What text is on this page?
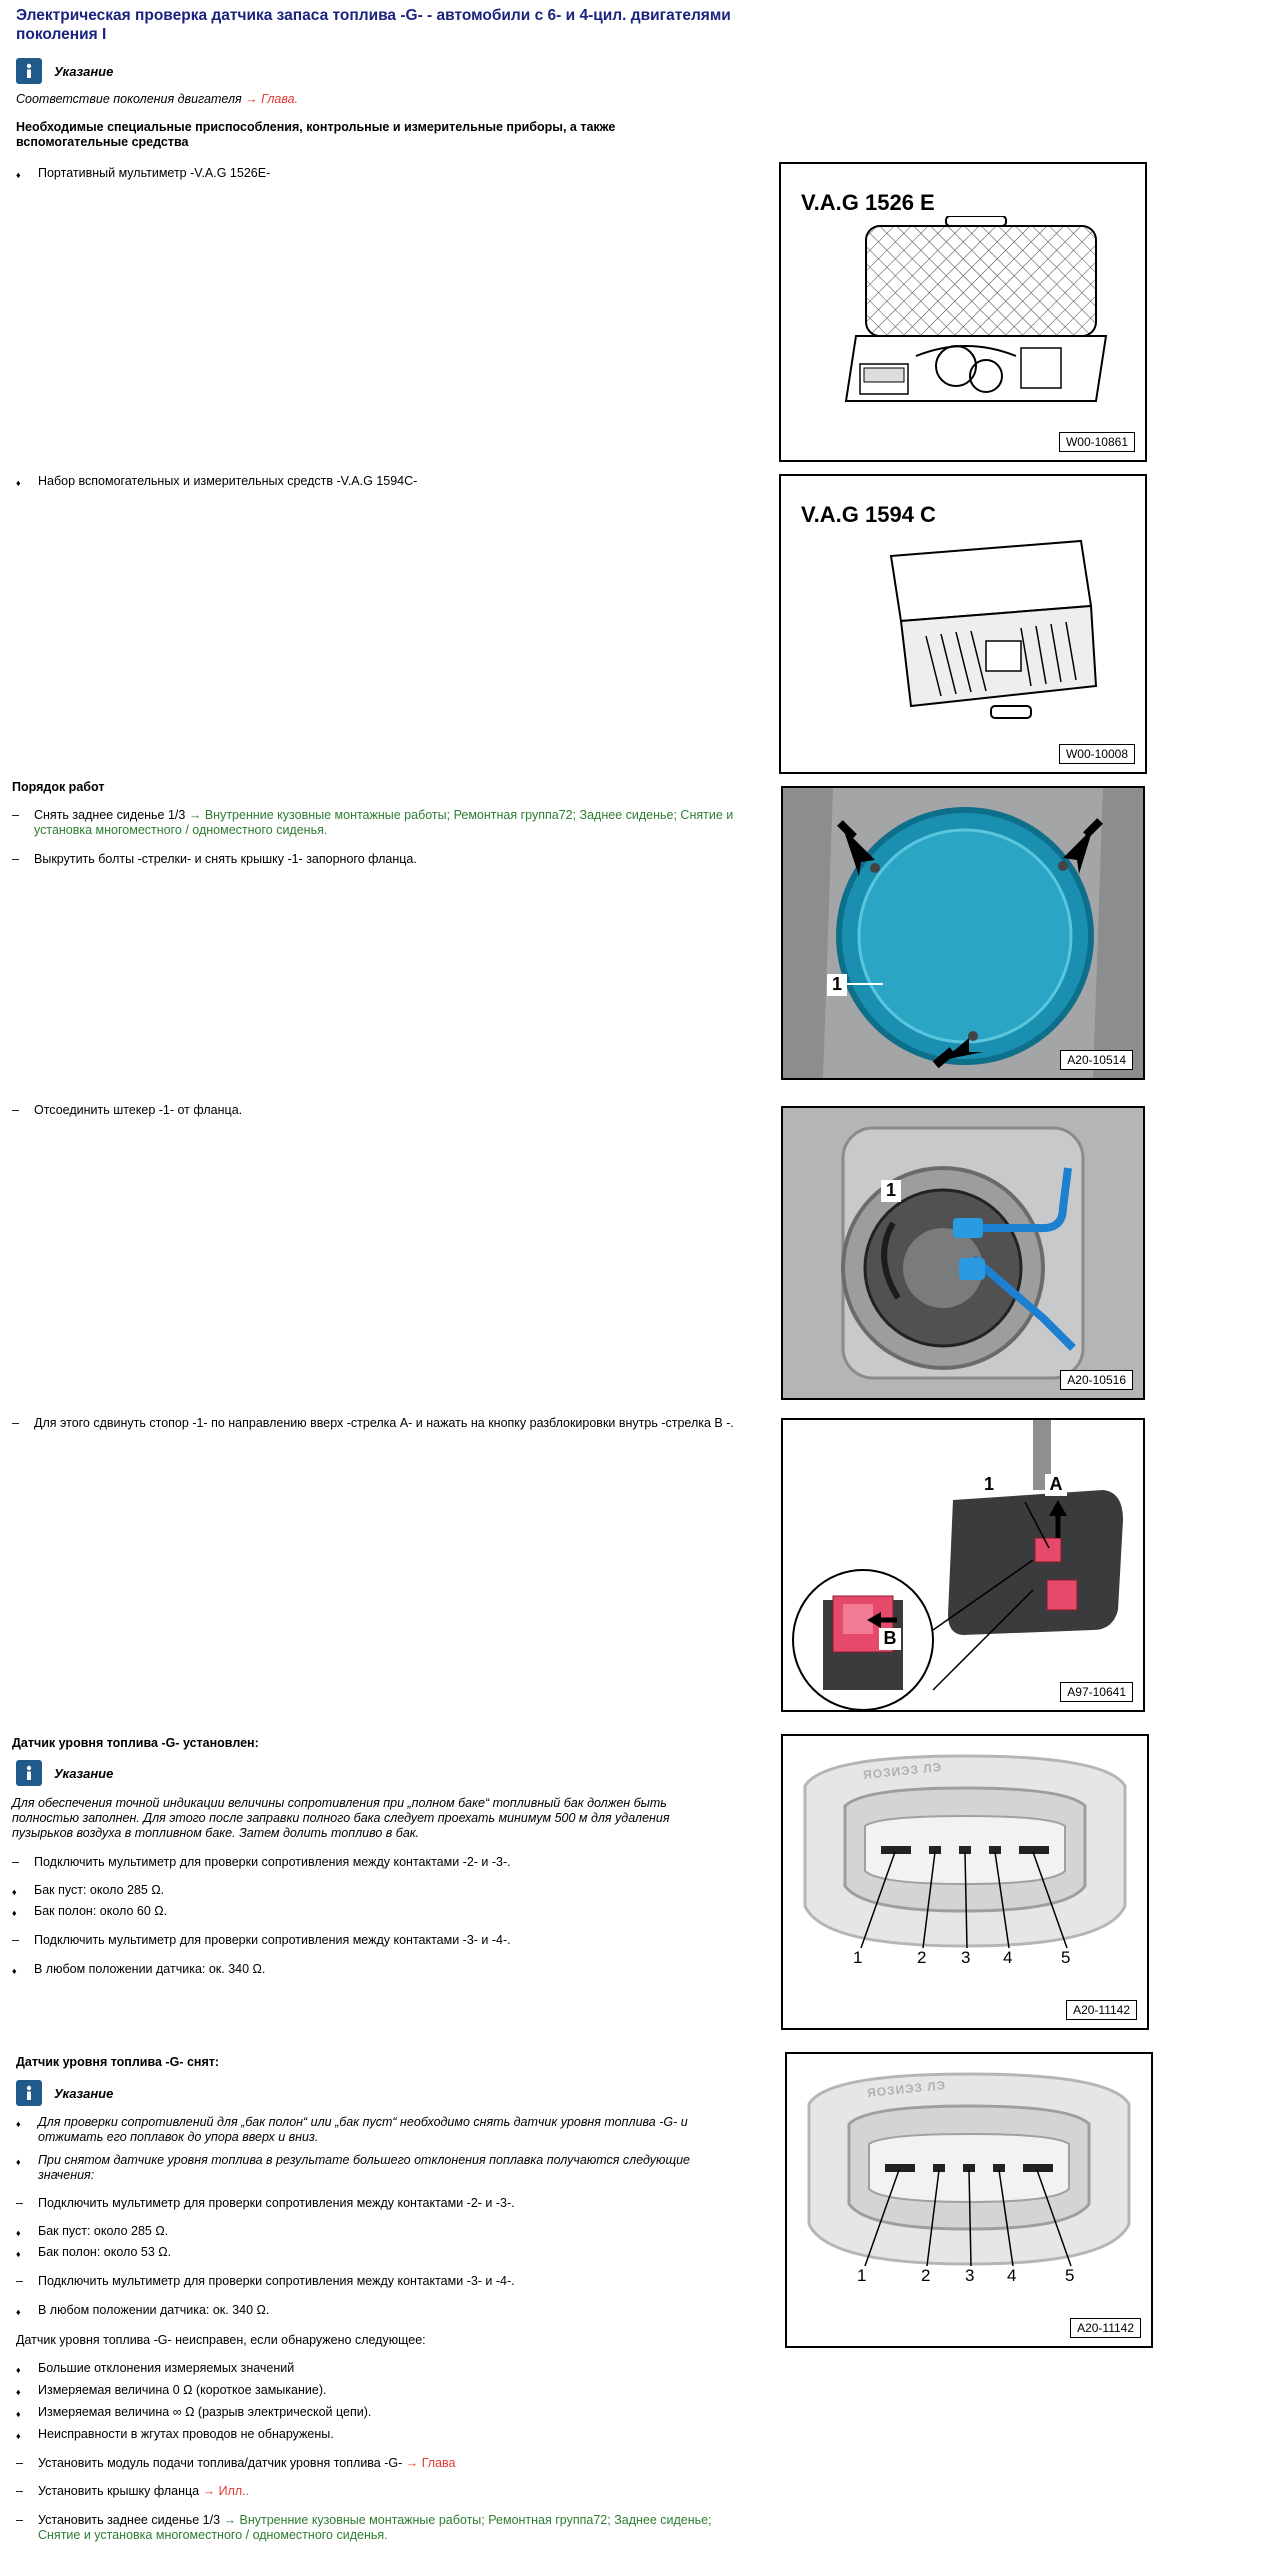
Электрическая проверка датчика запаса топлива -G- - автомобили с 6- и 4-цил. двигателями поколения I
Указание
Соответствие поколения двигателя → Глава.
Необходимые специальные приспособления, контрольные и измерительные приборы, а также вспомогательные средства
♦	Портативный мультиметр -V.A.G 1526E-
V.A.G 1526 E
W00-10861
♦	Набор вспомогательных и измерительных средств -V.A.G 1594C-
V.A.G 1594 C
W00-10008
Порядок работ
–	Снять заднее сиденье 1/3 → Внутренние кузовные монтажные работы; Ремонтная группа72; Заднее сиденье; Снятие и установка многоместного / одноместного сиденья.
–	Выкрутить болты -стрелки- и снять крышку -1- запорного фланца.
1
A20-10514
–	Отсоединить штекер -1- от фланца.
1
A20-10516
–	Для этого сдвинуть стопор -1- по направлению вверх -стрелка A- и нажать на кнопку разблокировки внутрь -стрелка B -.
1	A
B
A97-10641
Датчик уровня топлива -G- установлен:
Указание
Для обеспечения точной индикации величины сопротивления при „полном баке“ топливный бак должен быть полностью заполнен. Для этого после заправки полного бака следует проехать минимум 500 м для удаления пузырьков воздуха в топливном баке. Затем долить топливо в бак.
–	Подключить мультиметр для проверки сопротивления между контактами -2- и -3-.
♦	Бак пуст: около 285 Ω.
♦	Бак полон: около 60 Ω.
–	Подключить мультиметр для проверки сопротивления между контактами -3- и -4-.
♦	В любом положении датчика: ок. 340 Ω.
ЯОЗИЭЗ ЛЭ
1	2 3 4	5
A20-11142
Датчик уровня топлива -G- снят:
Указание
♦	Для проверки сопротивлений для „бак полон“ или „бак пуст“ необходимо снять датчик уровня топлива -G- и отжимать его поплавок до упора вверх и вниз.
♦	При снятом датчике уровня топлива в результате большего отклонения поплавка получаются следующие значения:
–	Подключить мультиметр для проверки сопротивления между контактами -2- и -3-.
♦	Бак пуст: около 285 Ω.
♦	Бак полон: около 53 Ω.
–	Подключить мультиметр для проверки сопротивления между контактами -3- и -4-.
♦	В любом положении датчика: ок. 340 Ω.
Датчик уровня топлива -G- неисправен, если обнаружено следующее:
♦	Большие отклонения измеряемых значений
♦	Измеряемая величина 0 Ω (короткое замыкание).
♦	Измеряемая величина ∞ Ω (разрыв электрической цепи).
♦	Неисправности в жгутах проводов не обнаружены.
–	Установить модуль подачи топлива/датчик уровня топлива -G- → Глава
–	Установить крышку фланца → Илл..
–	Установить заднее сиденье 1/3 → Внутренние кузовные монтажные работы; Ремонтная группа72; Заднее сиденье; Снятие и установка многоместного / одноместного сиденья.
ЯОЗИЭЗ ЛЭ
1	2 3 4	5
A20-11142
